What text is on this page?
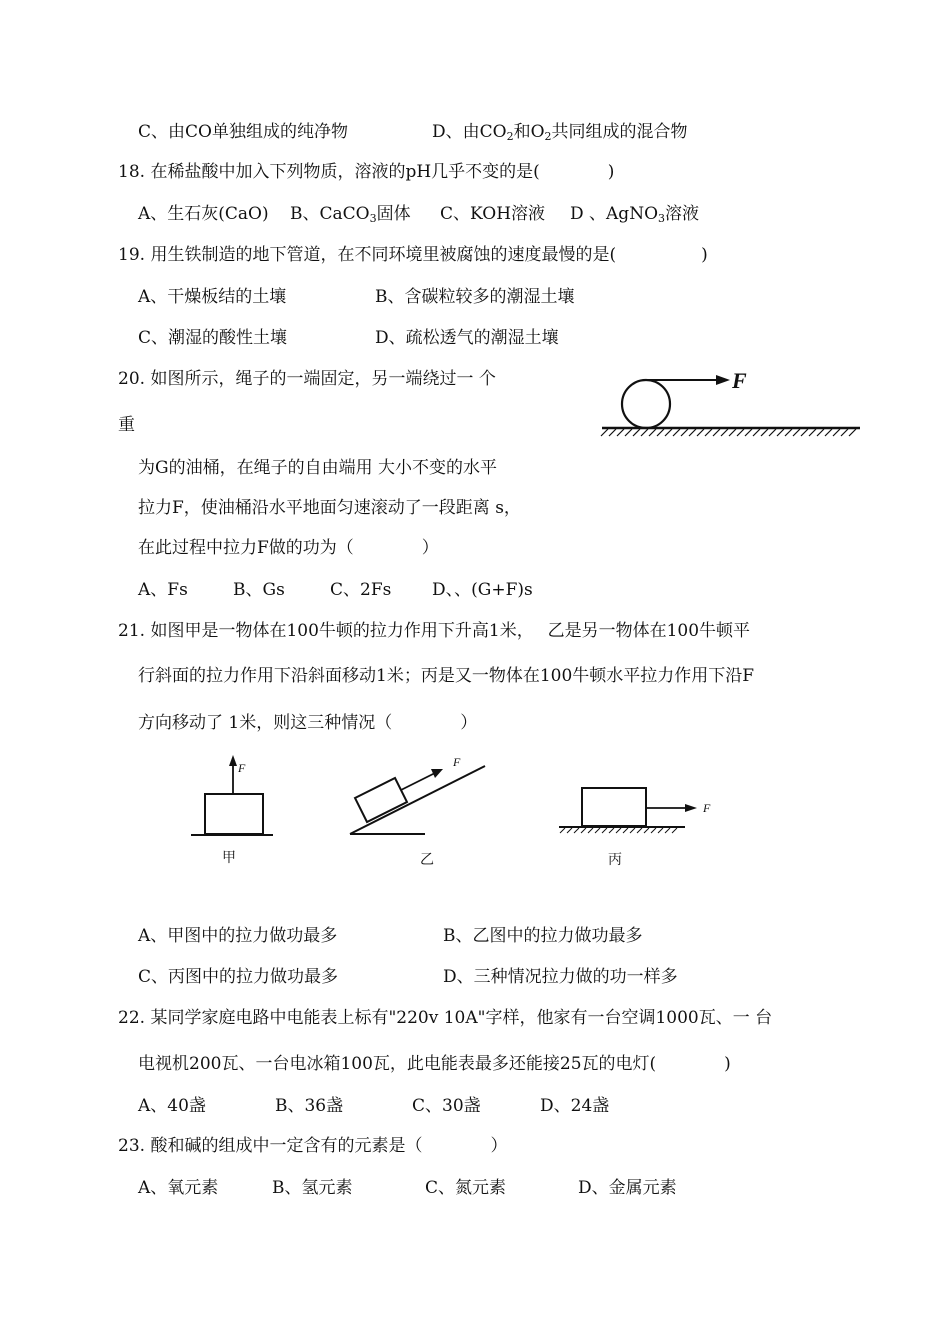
C、由CO单独组成的纯净物	D、由$CO_2$和$O_2$共同组成的混合物
18. 在稀盐酸中加入下列物质，溶液的pH几乎不变的是(　　　　)
A、生石灰(CaO) B、CaCO$_3$固体 C、KOH溶液 D 、AgNO$_3$溶液
19. 用生铁制造的地下管道，在不同环境里被腐蚀的速度最慢的是(　　　　　)
A、干燥板结的土壤	B、含碳粒较多的潮湿土壤
C、潮湿的酸性土壤	D、疏松透气的潮湿土壤
20. 如图所示，绳子的一端固定，另一端绕过一 个
重
为G的油桶，在绳子的自由端用 大小不变的水平
拉力F，使油桶沿水平地面匀速滚动了一段距离 s，
在此过程中拉力F做的功为（　　　　）
A、Fs	B、Gs	C、2Fs D、、(G+F)s
F
21. 如图甲是一物体在100牛顿的拉力作用下升高1米，　 乙是另一物体在100牛顿平
行斜面的拉力作用下沿斜面移动1米；丙是又一物体在100牛顿水平拉力作用下沿F
方向移动了 1米，则这三种情况（　　　　）
F
甲
F
乙
F
丙
A、甲图中的拉力做功最多	B、乙图中的拉力做功最多
C、丙图中的拉力做功最多	D、三种情况拉力做的功一样多
22. 某同学家庭电路中电能表上标有"220v 10A"字样，他家有一台空调1000瓦、一 台
电视机200瓦、一台电冰箱100瓦，此电能表最多还能接25瓦的电灯(　　　　)
A、40盏	B、36盏	C、30盏	D、24盏
23. 酸和碱的组成中一定含有的元素是（　　　　）
A、氧元素	B、氢元素	C、氮元素	D、金属元素
